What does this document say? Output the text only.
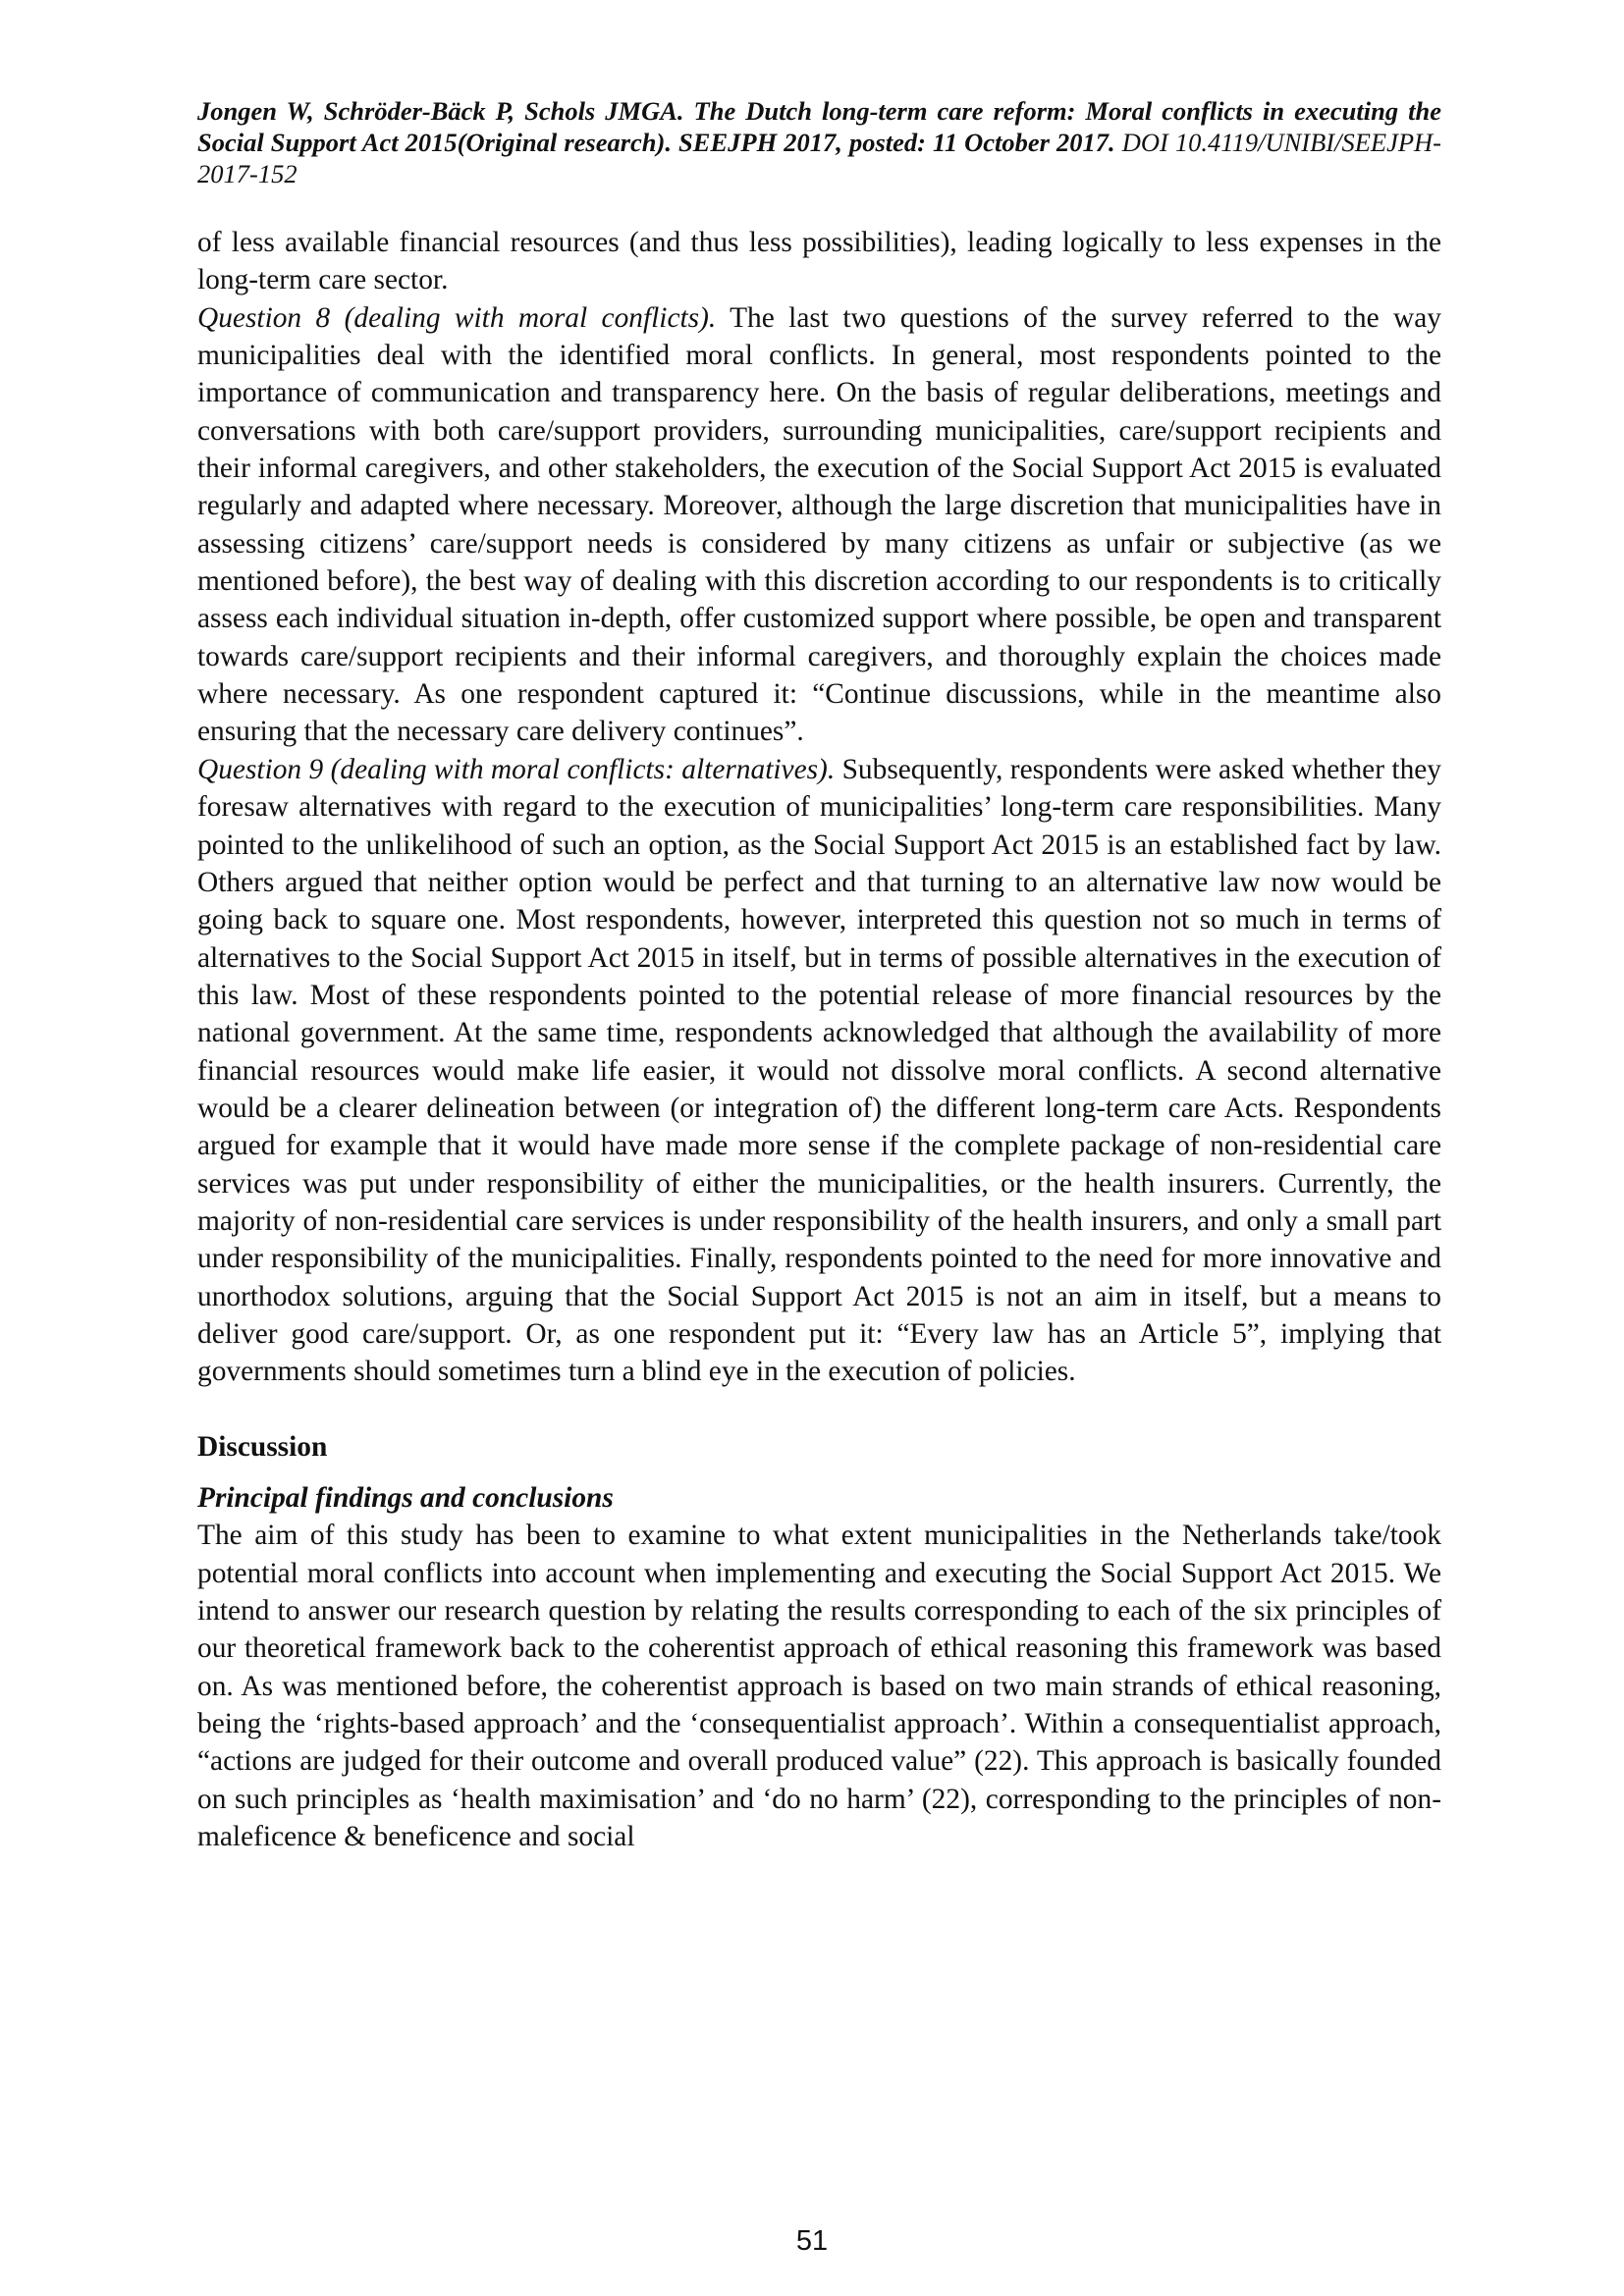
Jongen W, Schröder-Bäck P, Schols JMGA. The Dutch long-term care reform: Moral conflicts in executing the Social Support Act 2015(Original research). SEEJPH 2017, posted: 11 October 2017. DOI 10.4119/UNIBI/SEEJPH-2017-152

of less available financial resources (and thus less possibilities), leading logically to less expenses in the long-term care sector.

Question 8 (dealing with moral conflicts). The last two questions of the survey referred to the way municipalities deal with the identified moral conflicts. In general, most respondents pointed to the importance of communication and transparency here. On the basis of regular deliberations, meetings and conversations with both care/support providers, surrounding municipalities, care/support recipients and their informal caregivers, and other stakeholders, the execution of the Social Support Act 2015 is evaluated regularly and adapted where necessary. Moreover, although the large discretion that municipalities have in assessing citizens’ care/support needs is considered by many citizens as unfair or subjective (as we mentioned before), the best way of dealing with this discretion according to our respondents is to critically assess each individual situation in-depth, offer customized support where possible, be open and transparent towards care/support recipients and their informal caregivers, and thoroughly explain the choices made where necessary. As one respondent captured it: “Continue discussions, while in the meantime also ensuring that the necessary care delivery continues”.

Question 9 (dealing with moral conflicts: alternatives). Subsequently, respondents were asked whether they foresaw alternatives with regard to the execution of municipalities’ long-term care responsibilities. Many pointed to the unlikelihood of such an option, as the Social Support Act 2015 is an established fact by law. Others argued that neither option would be perfect and that turning to an alternative law now would be going back to square one. Most respondents, however, interpreted this question not so much in terms of alternatives to the Social Support Act 2015 in itself, but in terms of possible alternatives in the execution of this law. Most of these respondents pointed to the potential release of more financial resources by the national government. At the same time, respondents acknowledged that although the availability of more financial resources would make life easier, it would not dissolve moral conflicts. A second alternative would be a clearer delineation between (or integration of) the different long-term care Acts. Respondents argued for example that it would have made more sense if the complete package of non-residential care services was put under responsibility of either the municipalities, or the health insurers. Currently, the majority of non-residential care services is under responsibility of the health insurers, and only a small part under responsibility of the municipalities. Finally, respondents pointed to the need for more innovative and unorthodox solutions, arguing that the Social Support Act 2015 is not an aim in itself, but a means to deliver good care/support. Or, as one respondent put it: “Every law has an Article 5”, implying that governments should sometimes turn a blind eye in the execution of policies.

Discussion
Principal findings and conclusions

The aim of this study has been to examine to what extent municipalities in the Netherlands take/took potential moral conflicts into account when implementing and executing the Social Support Act 2015. We intend to answer our research question by relating the results corresponding to each of the six principles of our theoretical framework back to the coherentist approach of ethical reasoning this framework was based on. As was mentioned before, the coherentist approach is based on two main strands of ethical reasoning, being the ‘rights-based approach’ and the ‘consequentialist approach’. Within a consequentialist approach, “actions are judged for their outcome and overall produced value” (22). This approach is basically founded on such principles as ‘health maximisation’ and ‘do no harm’ (22), corresponding to the principles of non-maleficence & beneficence and social

51
